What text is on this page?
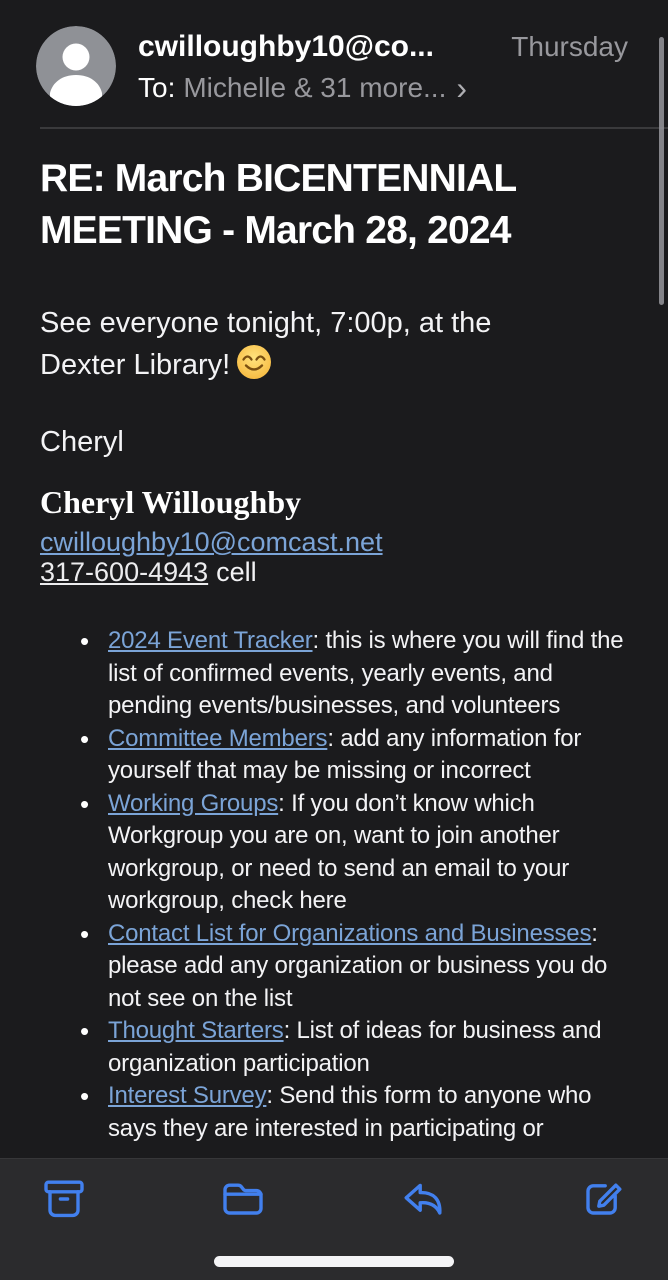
cwilloughby10@co...	Thursday
To: Michelle & 31 more... ›
RE: March BICENTENNIAL MEETING - March 28, 2024

See everyone tonight, 7:00p, at the Dexter Library!

Cheryl

Cheryl Willoughby
cwilloughby10@comcast.net
317-600-4943 cell
• 2024 Event Tracker: this is where you will find the list of confirmed events, yearly events, and pending events/businesses, and volunteers
• Committee Members: add any information for yourself that may be missing or incorrect
• Working Groups: If you don’t know which Workgroup you are on, want to join another workgroup, or need to send an email to your workgroup, check here
• Contact List for Organizations and Businesses: please add any organization or business you do not see on the list
• Thought Starters: List of ideas for business and organization participation
• Interest Survey: Send this form to anyone who says they are interested in participating or
